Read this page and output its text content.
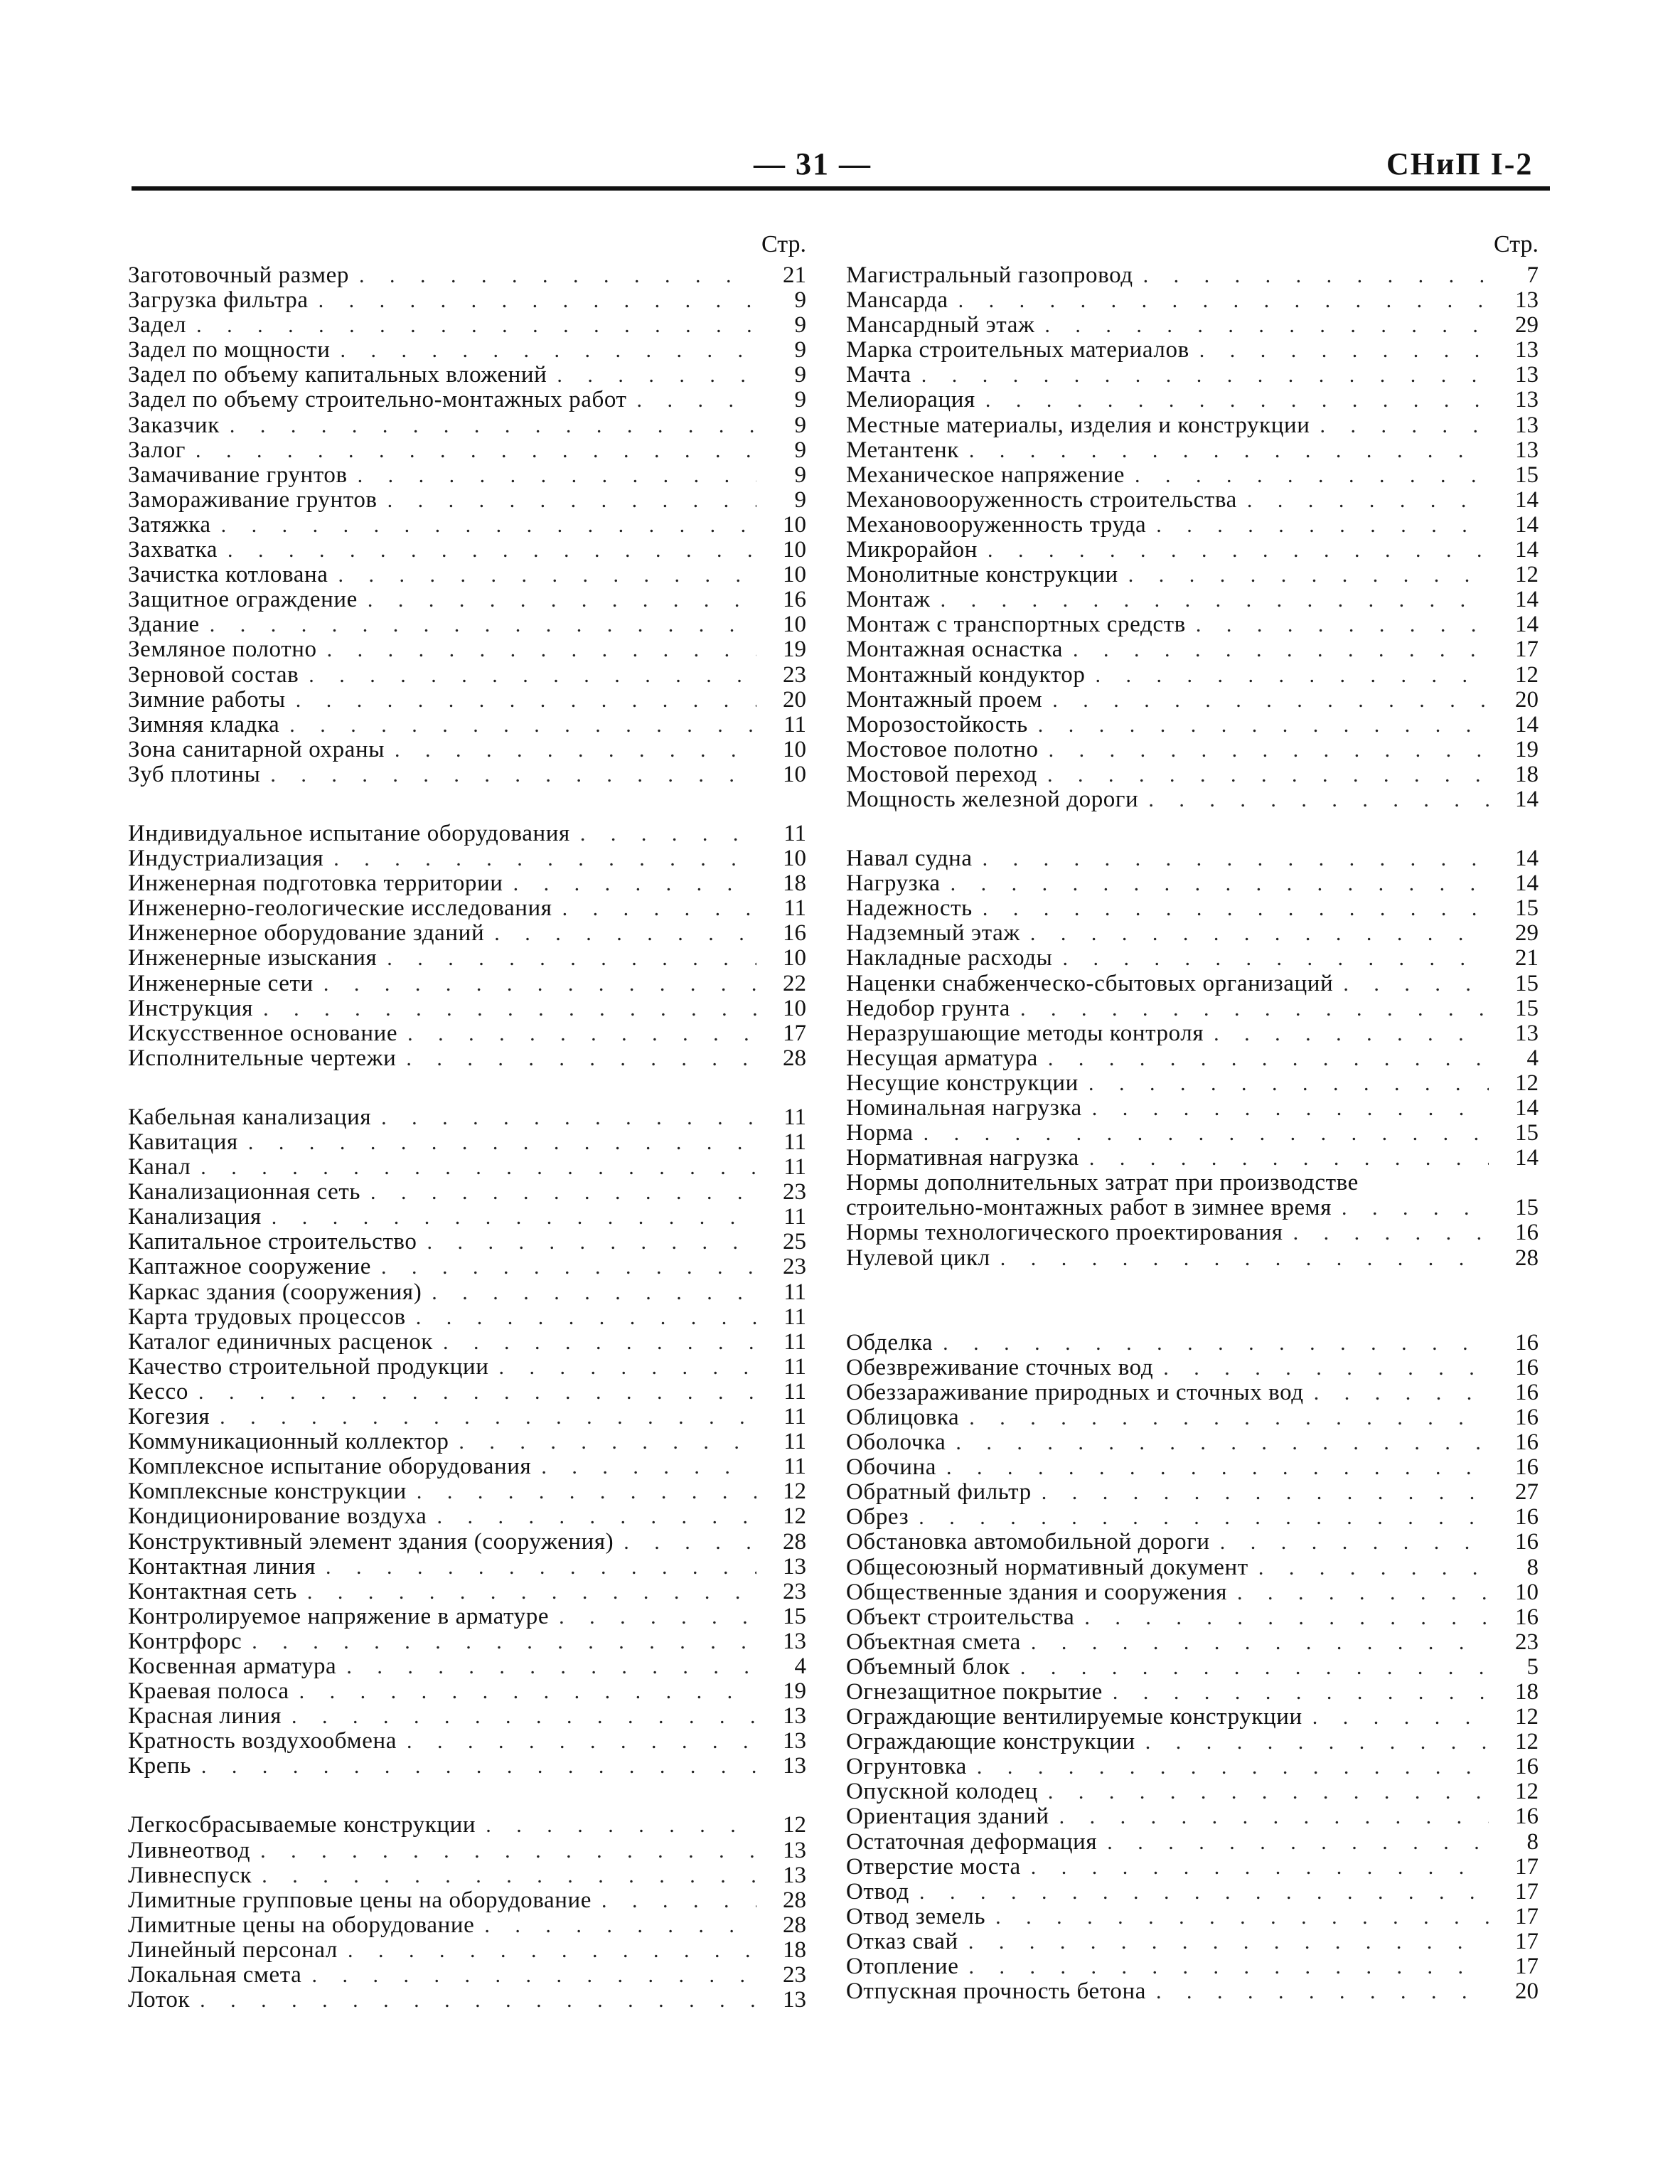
— 31 —	СНиП I-2
Стр.
Заготовочный размер . . .	21
Загрузка фильтра . . .	9
Задел . . .	9
Задел по мощности . . .	9
Задел по объему капитальных вложений . . .	9
Задел по объему строительно-монтажных работ . . .	9
Заказчик . . .	9
Залог . . .	9
Замачивание грунтов . . .	9
Замораживание грунтов . . .	9
Затяжка . . .	10
Захватка . . .	10
Зачистка котлована . . .	10
Защитное ограждение . . .	16
Здание . . .	10
Земляное полотно . . .	19
Зерновой состав . . .	23
Зимние работы . . .	20
Зимняя кладка . . .	11
Зона санитарной охраны . . .	10
Зуб плотины . . .	10
Индивидуальное испытание оборудования . . .	11
Индустриализация . . .	10
Инженерная подготовка территории . . .	18
Инженерно-геологические исследования . . .	11
Инженерное оборудование зданий . . .	16
Инженерные изыскания . . .	10
Инженерные сети . . .	22
Инструкция . . .	10
Искусственное основание . . .	17
Исполнительные чертежи . . .	28
Кабельная канализация . . .	11
Кавитация . . .	11
Канал . . .	11
Канализационная сеть . . .	23
Канализация . . .	11
Капитальное строительство . . .	25
Каптажное сооружение . . .	23
Каркас здания (сооружения) . . .	11
Карта трудовых процессов . . .	11
Каталог единичных расценок . . .	11
Качество строительной продукции . . .	11
Кессо . . .	11
Когезия . . .	11
Коммуникационный коллектор . . .	11
Комплексное испытание оборудования . . .	11
Комплексные конструкции . . .	12
Кондиционирование воздуха . . .	12
Конструктивный элемент здания (сооружения) . . .	28
Контактная линия . . .	13
Контактная сеть . . .	23
Контролируемое напряжение в арматуре . . .	15
Контрфорс . . .	13
Косвенная арматура . . .	4
Краевая полоса . . .	19
Красная линия . . .	13
Кратность воздухообмена . . .	13
Крепь . . .	13
Легкосбрасываемые конструкции . . .	12
Ливнеотвод . . .	13
Ливнеспуск . . .	13
Лимитные групповые цены на оборудование . . .	28
Лимитные цены на оборудование . . .	28
Линейный персонал . . .	18
Локальная смета . . .	23
Лоток . . .	13
Стр.
Магистральный газопровод . . .	7
Мансарда . . .	13
Мансардный этаж . . .	29
Марка строительных материалов . . .	13
Мачта . . .	13
Мелиорация . . .	13
Местные материалы, изделия и конструкции . . .	13
Метантенк . . .	13
Механическое напряжение . . .	15
Механовооруженность строительства . . .	14
Механовооруженность труда . . .	14
Микрорайон . . .	14
Монолитные конструкции . . .	12
Монтаж . . .	14
Монтаж с транспортных средств . . .	14
Монтажная оснастка . . .	17
Монтажный кондуктор . . .	12
Монтажный проем . . .	20
Морозостойкость . . .	14
Мостовое полотно . . .	19
Мостовой переход . . .	18
Мощность железной дороги . . .	14
Навал судна . . .	14
Нагрузка . . .	14
Надежность . . .	15
Надземный этаж . . .	29
Накладные расходы . . .	21
Наценки снабженческо-сбытовых организаций . . .	15
Недобор грунта . . .	15
Неразрушающие методы контроля . . .	13
Несущая арматура . . .	4
Несущие конструкции . . .	12
Номинальная нагрузка . . .	14
Норма . . .	15
Нормативная нагрузка . . .	14
Нормы дополнительных затрат при производстве
строительно-монтажных работ в зимнее время . . .	15
Нормы технологического проектирования . . .	16
Нулевой цикл . . .	28
Обделка . . .	16
Обезвреживание сточных вод . . .	16
Обеззараживание природных и сточных вод . . .	16
Облицовка . . .	16
Оболочка . . .	16
Обочина . . .	16
Обратный фильтр . . .	27
Обрез . . .	16
Обстановка автомобильной дороги . . .	16
Общесоюзный нормативный документ . . .	8
Общественные здания и сооружения . . .	10
Объект строительства . . .	16
Объектная смета . . .	23
Объемный блок . . .	5
Огнезащитное покрытие . . .	18
Ограждающие вентилируемые конструкции . . .	12
Ограждающие конструкции . . .	12
Огрунтовка . . .	16
Опускной колодец . . .	12
Ориентация зданий . . .	16
Остаточная деформация . . .	8
Отверстие моста . . .	17
Отвод . . .	17
Отвод земель . . .	17
Отказ свай . . .	17
Отопление . . .	17
Отпускная прочность бетона . . .	20
